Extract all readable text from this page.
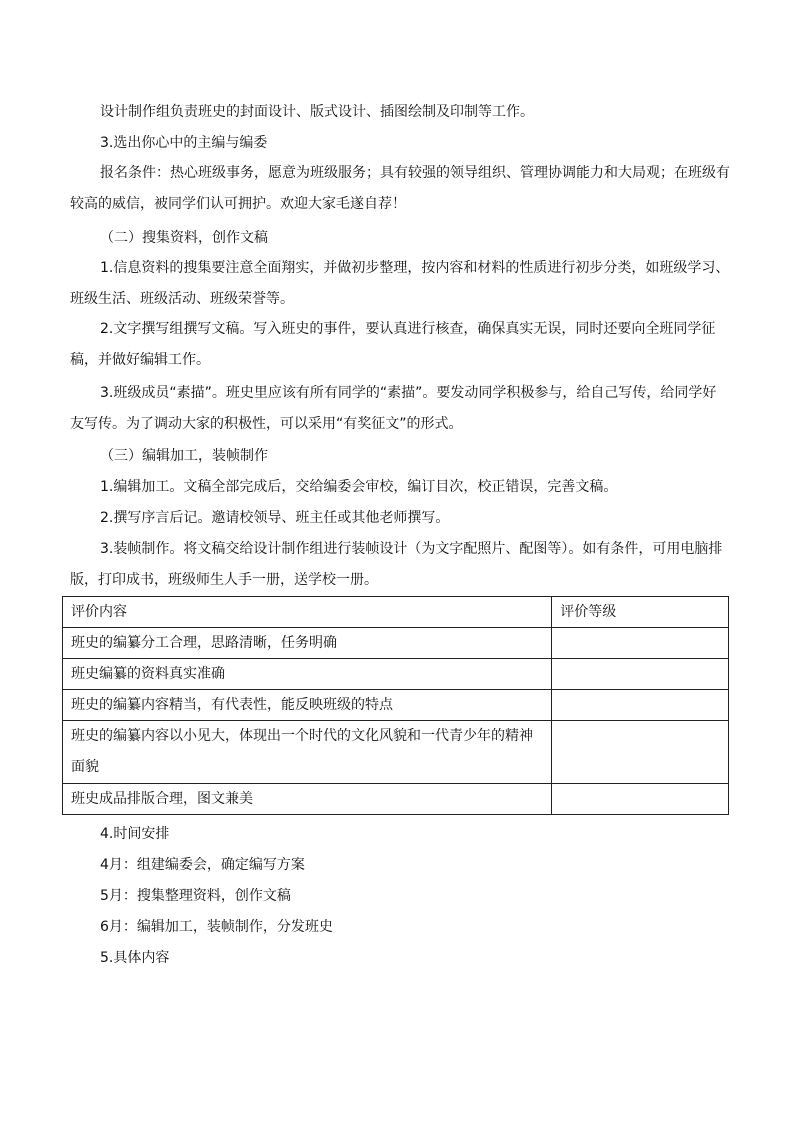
设计制作组负责班史的封面设计、版式设计、插图绘制及印制等工作。

3.选出你心中的主编与编委

报名条件：热心班级事务，愿意为班级服务；具有较强的领导组织、管理协调能力和大局观；在班级有较高的威信，被同学们认可拥护。欢迎大家毛遂自荐！

（二）搜集资料，创作文稿

1.信息资料的搜集要注意全面翔实，并做初步整理，按内容和材料的性质进行初步分类，如班级学习、班级生活、班级活动、班级荣誉等。

2.文字撰写组撰写文稿。写入班史的事件，要认真进行核查，确保真实无误，同时还要向全班同学征稿，并做好编辑工作。

3.班级成员“素描”。班史里应该有所有同学的“素描”。要发动同学积极参与，给自己写传，给同学好友写传。为了调动大家的积极性，可以采用“有奖征文”的形式。

（三）编辑加工，装帧制作

1.编辑加工。文稿全部完成后，交给编委会审校，编订目次，校正错误，完善文稿。

2.撰写序言后记。邀请校领导、班主任或其他老师撰写。

3.装帧制作。将文稿交给设计制作组进行装帧设计（为文字配照片、配图等）。如有条件，可用电脑排版，打印成书，班级师生人手一册，送学校一册。

评价内容	评价等级
班史的编纂分工合理，思路清晰，任务明确	
班史编纂的资料真实准确	
班史的编纂内容精当，有代表性，能反映班级的特点	
班史的编纂内容以小见大，体现出一个时代的文化风貌和一代青少年的精神面貌	
班史成品排版合理，图文兼美	

4.时间安排

4月：组建编委会，确定编写方案

5月：搜集整理资料，创作文稿

6月：编辑加工，装帧制作，分发班史

5.具体内容
